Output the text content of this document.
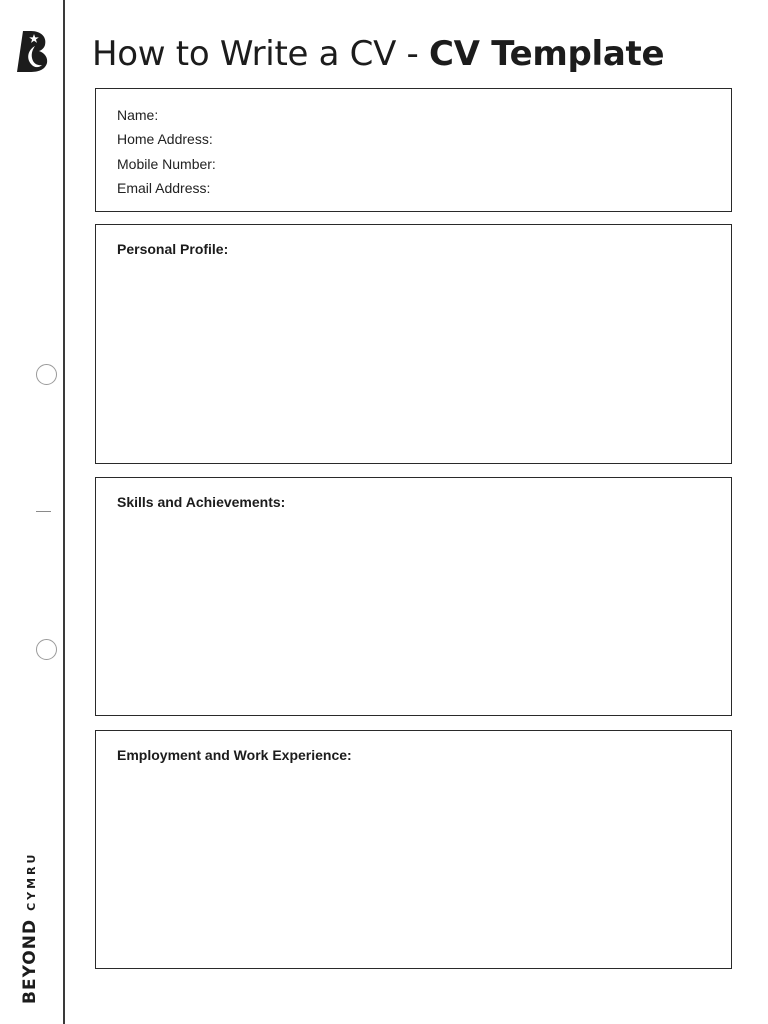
BEYOND
CYMRU
How to Write a CV - CV Template
Name:
Home Address:
Mobile Number:
Email Address:
Personal Profile:
Skills and Achievements:
Employment and Work Experience:
